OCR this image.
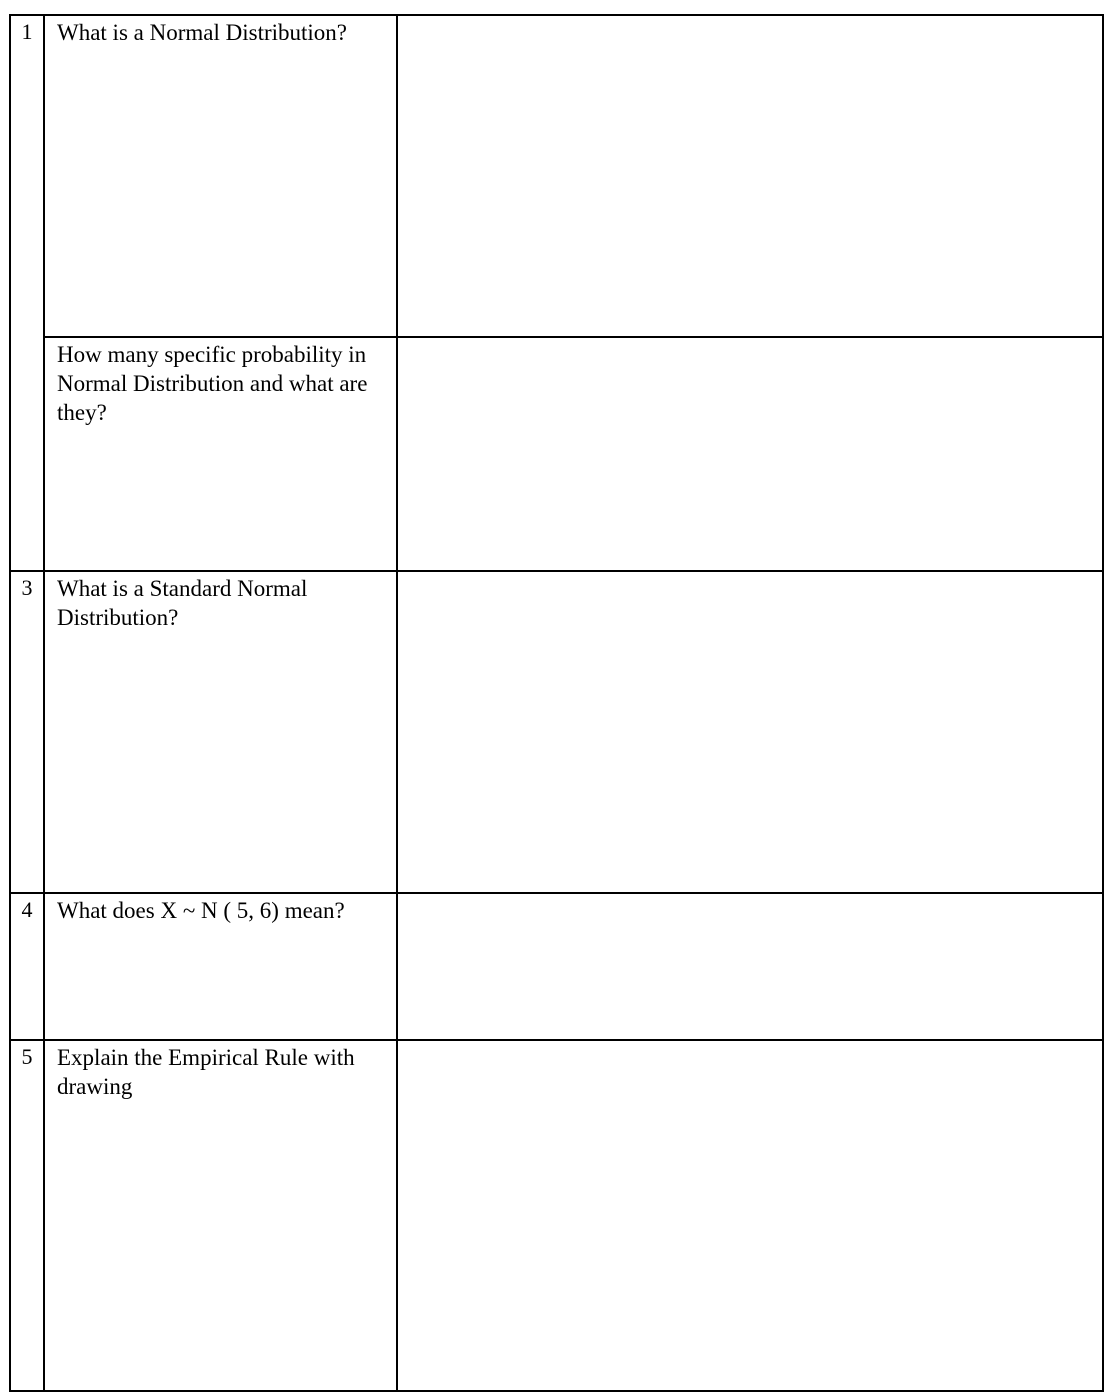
1	What is a Normal Distribution?	
	How many specific probability in Normal Distribution and what are they?	
3	What is a Standard Normal Distribution?	
4	What does X ~ N ( 5, 6) mean?	
5	Explain the Empirical Rule with drawing	
